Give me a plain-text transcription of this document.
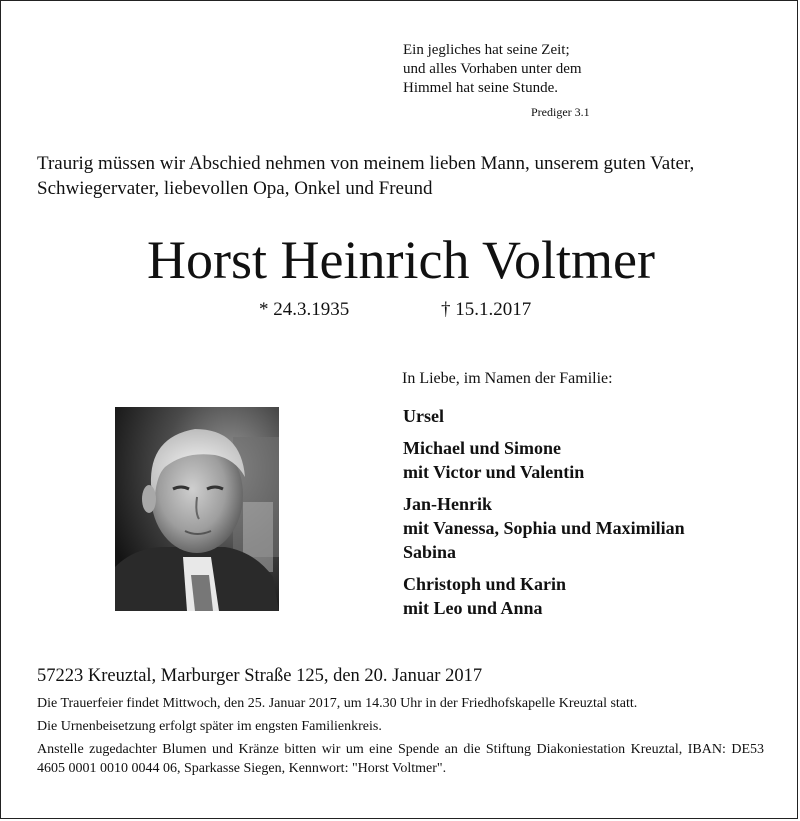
Ein jegliches hat seine Zeit;
und alles Vorhaben unter dem
Himmel hat seine Stunde.
Prediger 3.1

Traurig müssen wir Abschied nehmen von meinem lieben Mann, unserem guten Vater, Schwiegervater, liebevollen Opa, Onkel und Freund

Horst Heinrich Voltmer
* 24.3.1935	† 15.1.2017
In Liebe, im Namen der Familie:
Ursel
Michael und Simone
mit Victor und Valentin
Jan-Henrik
mit Vanessa, Sophia und Maximilian
Sabina
Christoph und Karin
mit Leo und Anna
57223 Kreuztal, Marburger Straße 125, den 20. Januar 2017

Die Trauerfeier findet Mittwoch, den 25. Januar 2017, um 14.30 Uhr in der Friedhofskapelle Kreuztal statt.

Die Urnenbeisetzung erfolgt später im engsten Familienkreis.

Anstelle zugedachter Blumen und Kränze bitten wir um eine Spende an die Stiftung Diakoniestation Kreuztal, IBAN: DE53 4605 0001 0010 0044 06, Sparkasse Siegen, Kennwort: "Horst Voltmer".
